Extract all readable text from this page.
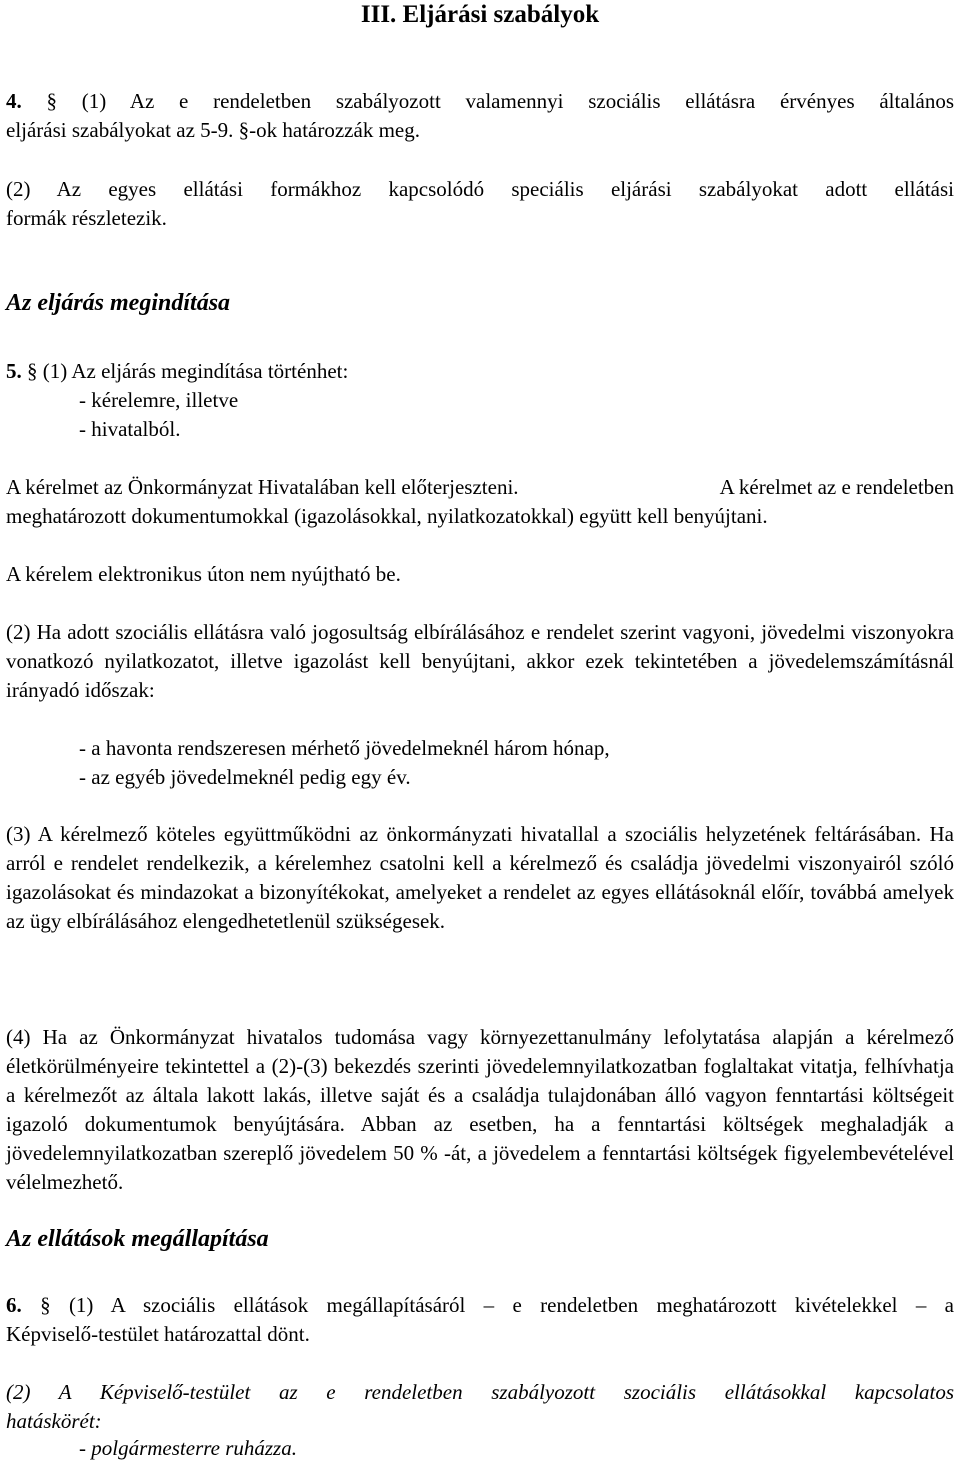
III. Eljárási szabályok
4. § (1) Az e rendeletben szabályozott valamennyi szociális ellátásra érvényes általános
eljárási szabályokat az 5-9. §-ok határozzák meg.
(2) Az egyes ellátási formákhoz kapcsolódó speciális eljárási szabályokat adott ellátási
formák részletezik.
Az eljárás megindítása
5. § (1) Az eljárás megindítása történhet:
- kérelemre, illetve
- hivatalból.
A kérelmet az Önkormányzat Hivatalában kell előterjeszteni.	A kérelmet az e rendeletben
meghatározott dokumentumokkal (igazolásokkal, nyilatkozatokkal) együtt kell benyújtani.
A kérelem elektronikus úton nem nyújtható be.
(2) Ha adott szociális ellátásra való jogosultság elbírálásához e rendelet szerint vagyoni, jövedelmi viszonyokra vonatkozó nyilatkozatot, illetve igazolást kell benyújtani, akkor ezek tekintetében a jövedelemszámításnál irányadó időszak:
- a havonta rendszeresen mérhető jövedelmeknél három hónap,
- az egyéb jövedelmeknél pedig egy év.
(3) A kérelmező köteles együttműködni az önkormányzati hivatallal a szociális helyzetének feltárásában. Ha arról e rendelet rendelkezik, a kérelemhez csatolni kell a kérelmező és családja jövedelmi viszonyairól szóló igazolásokat és mindazokat a bizonyítékokat, amelyeket a rendelet az egyes ellátásoknál előír, továbbá amelyek az ügy elbírálásához elengedhetetlenül szükségesek.
(4) Ha az Önkormányzat hivatalos tudomása vagy környezettanulmány lefolytatása alapján a kérelmező életkörülményeire tekintettel a (2)-(3) bekezdés szerinti jövedelemnyilatkozatban foglaltakat vitatja, felhívhatja a kérelmezőt az általa lakott lakás, illetve saját és a családja tulajdonában álló vagyon fenntartási költségeit igazoló dokumentumok benyújtására. Abban az esetben, ha a fenntartási költségek meghaladják a jövedelemnyilatkozatban szereplő jövedelem 50 % -át, a jövedelem a fenntartási költségek figyelembevételével vélelmezhető.
Az ellátások megállapítása
6. § (1) A szociális ellátások megállapításáról – e rendeletben meghatározott kivételekkel – a
Képviselő-testület határozattal dönt.
(2) A Képviselő-testület az e rendeletben szabályozott szociális ellátásokkal kapcsolatos
hatáskörét:
- polgármesterre ruházza.
